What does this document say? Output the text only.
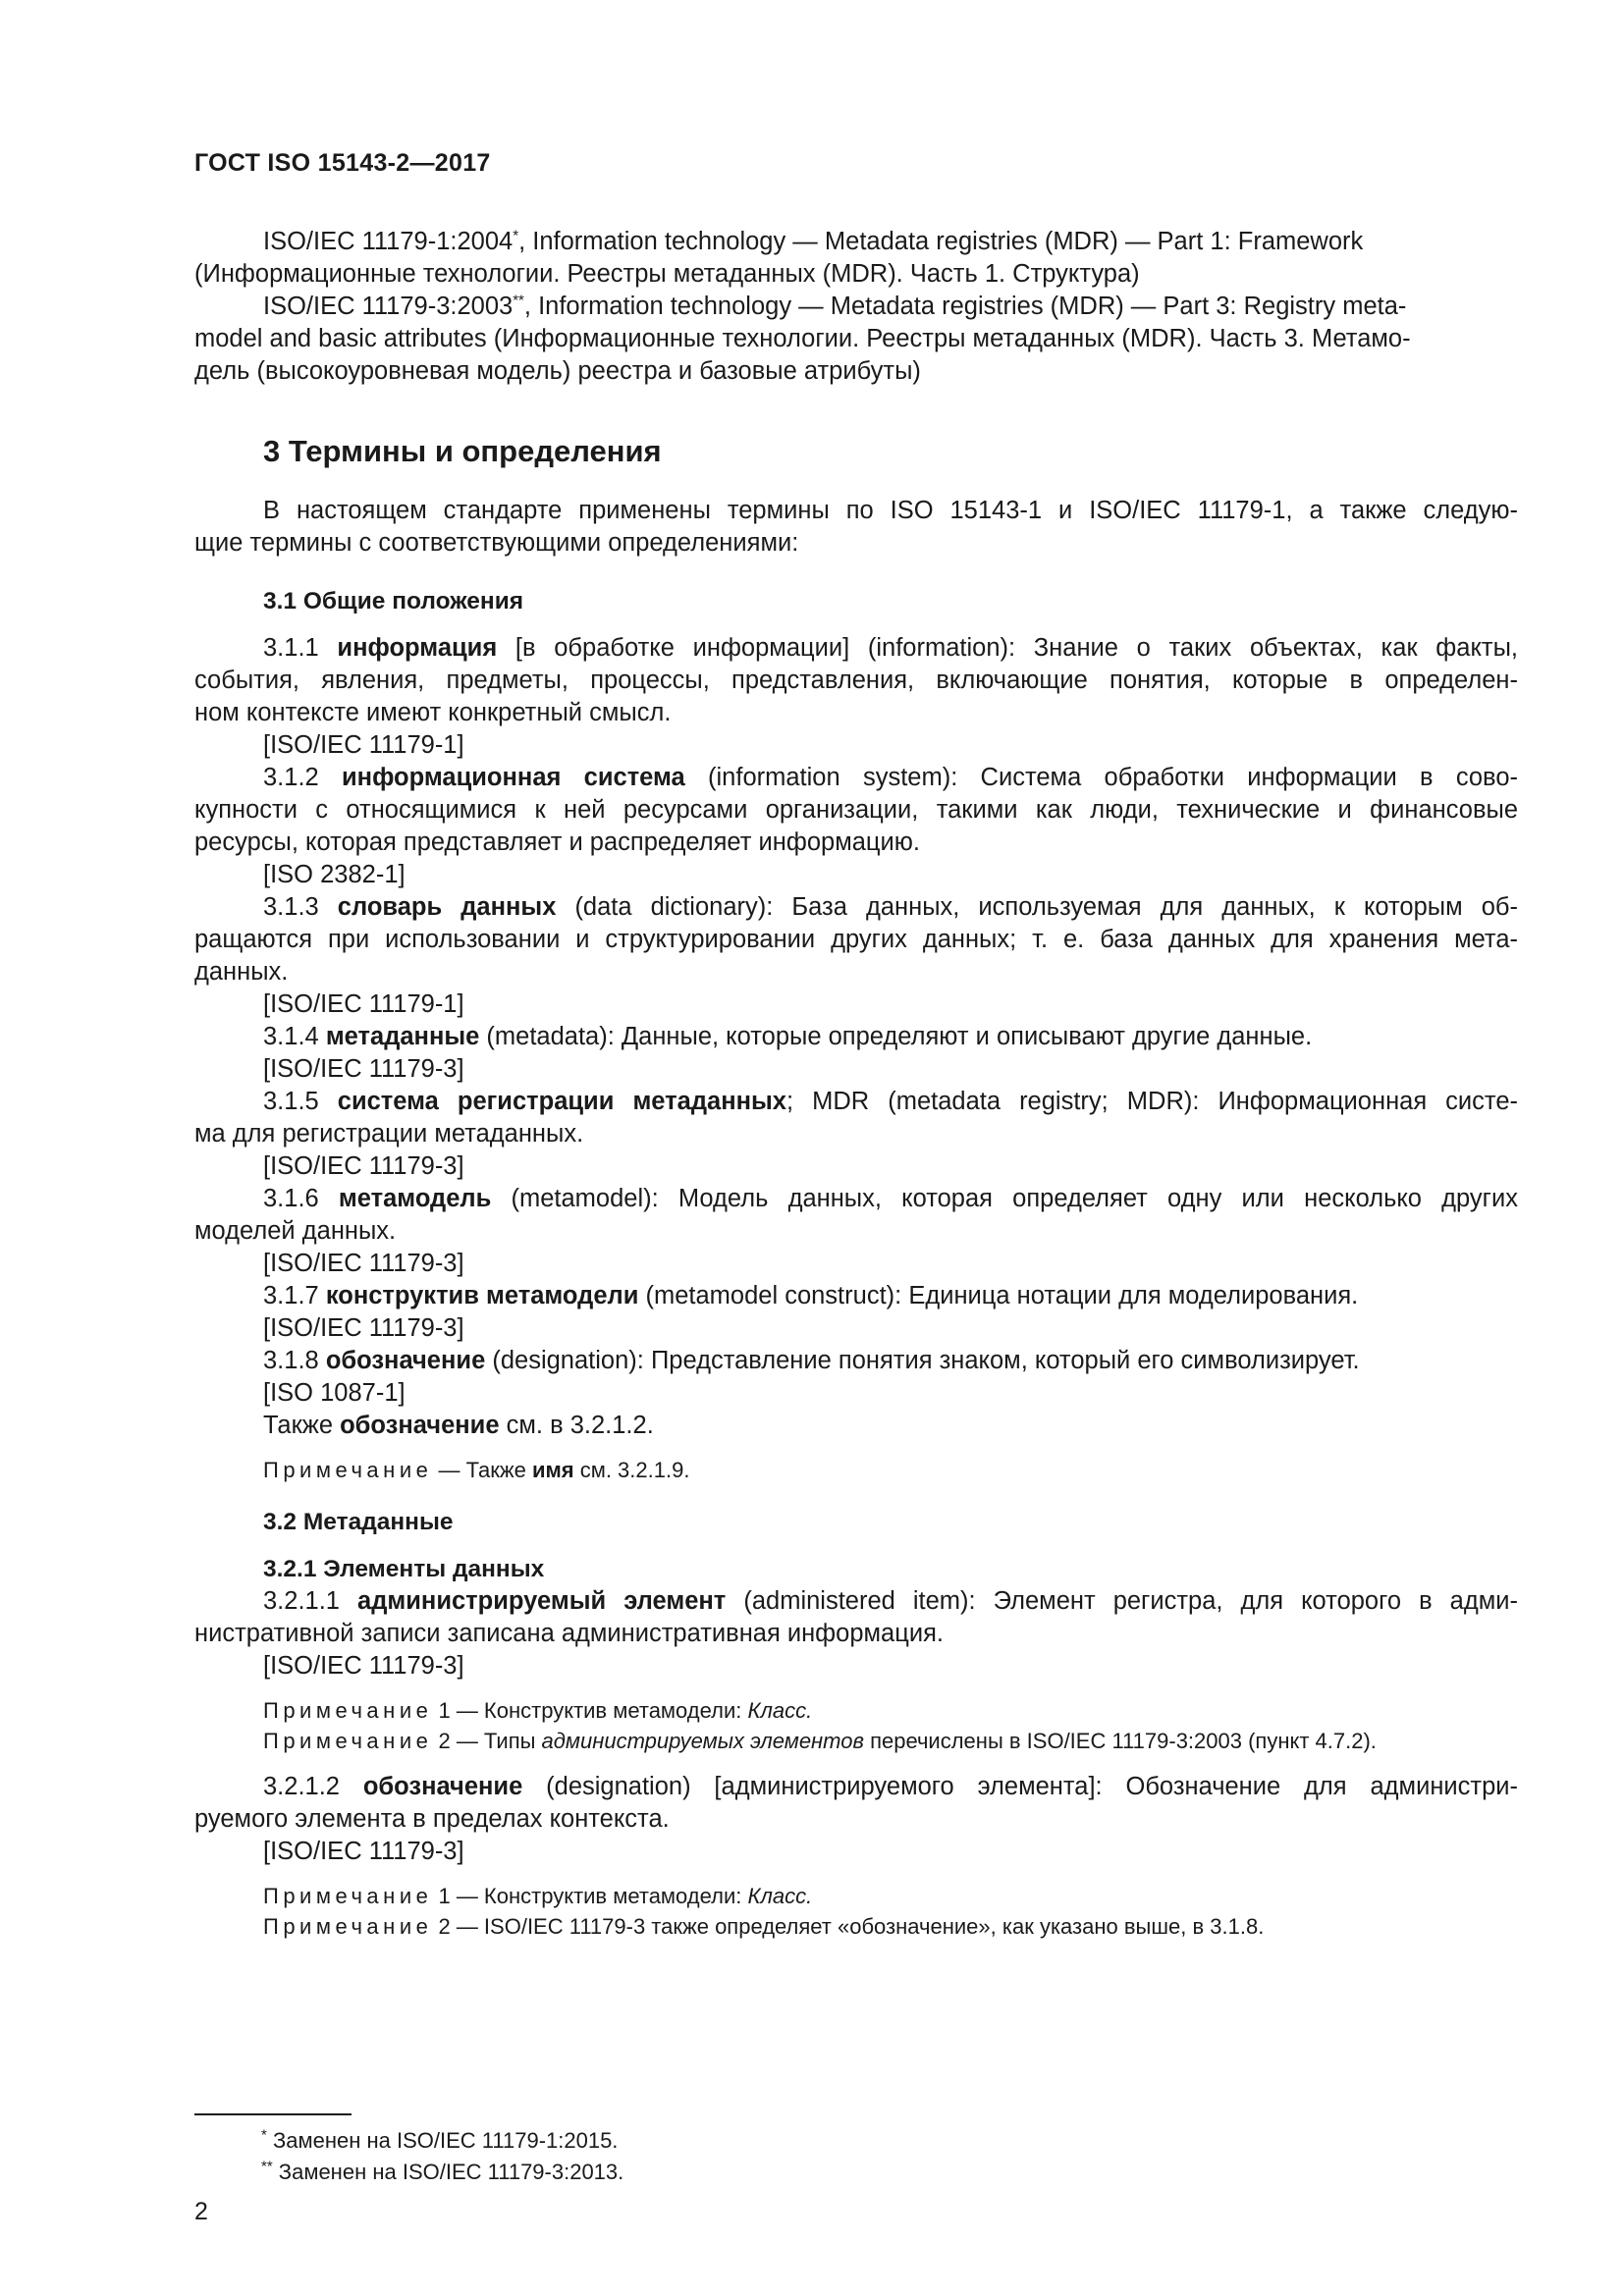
ГОСТ ISO 15143-2—2017

ISO/IEC 11179-1:2004*, Information technology — Metadata registries (MDR) — Part 1: Framework

(Информационные технологии. Реестры метаданных (MDR). Часть 1. Структура)

ISO/IEC 11179-3:2003**, Information technology — Metadata registries (MDR) — Part 3: Registry meta-

model and basic attributes (Информационные технологии. Реестры метаданных (MDR). Часть 3. Метамо-

дель (высокоуровневая модель) реестра и базовые атрибуты)

3 Термины и определения

В настоящем стандарте применены термины по ISO 15143-1 и ISO/IEC 11179-1, а также следую-

щие термины с соответствующими определениями:

3.1 Общие положения

3.1.1 информация [в обработке информации] (information): Знание о таких объектах, как факты,

события, явления, предметы, процессы, представления, включающие понятия, которые в определен-

ном контексте имеют конкретный смысл.

[ISO/IEC 11179-1]

3.1.2 информационная система (information system): Система обработки информации в сово-

купности с относящимися к ней ресурсами организации, такими как люди, технические и финансовые

ресурсы, которая представляет и распределяет информацию.

[ISO 2382-1]

3.1.3 словарь данных (data dictionary): База данных, используемая для данных, к которым об-

ращаются при использовании и структурировании других данных; т. е. база данных для хранения мета-

данных.

[ISO/IEC 11179-1]

3.1.4 метаданные (metadata): Данные, которые определяют и описывают другие данные.

[ISO/IEC 11179-3]

3.1.5 система регистрации метаданных; MDR (metadata registry; MDR): Информационная систе-

ма для регистрации метаданных.

[ISO/IEC 11179-3]

3.1.6 метамодель (metamodel): Модель данных, которая определяет одну или несколько других

моделей данных.

[ISO/IEC 11179-3]

3.1.7 конструктив метамодели (metamodel construct): Единица нотации для моделирования.

[ISO/IEC 11179-3]

3.1.8 обозначение (designation): Представление понятия знаком, который его символизирует.

[ISO 1087-1]

Также обозначение см. в 3.2.1.2.

Примечание — Также имя см. 3.2.1.9.

3.2 Метаданные
3.2.1 Элементы данных

3.2.1.1 администрируемый элемент (administered item): Элемент регистра, для которого в адми-

нистративной записи записана административная информация.

[ISO/IEC 11179-3]

Примечание 1 — Конструктив метамодели: Класс.

Примечание 2 — Типы администрируемых элементов перечислены в ISO/IEC 11179-3:2003 (пункт 4.7.2).

3.2.1.2 обозначение (designation) [администрируемого элемента]: Обозначение для администри-

руемого элемента в пределах контекста.

[ISO/IEC 11179-3]

Примечание 1 — Конструктив метамодели: Класс.

Примечание 2 — ISO/IEC 11179-3 также определяет «обозначение», как указано выше, в 3.1.8.

* Заменен на ISO/IEC 11179-1:2015.
** Заменен на ISO/IEC 11179-3:2013.
2
